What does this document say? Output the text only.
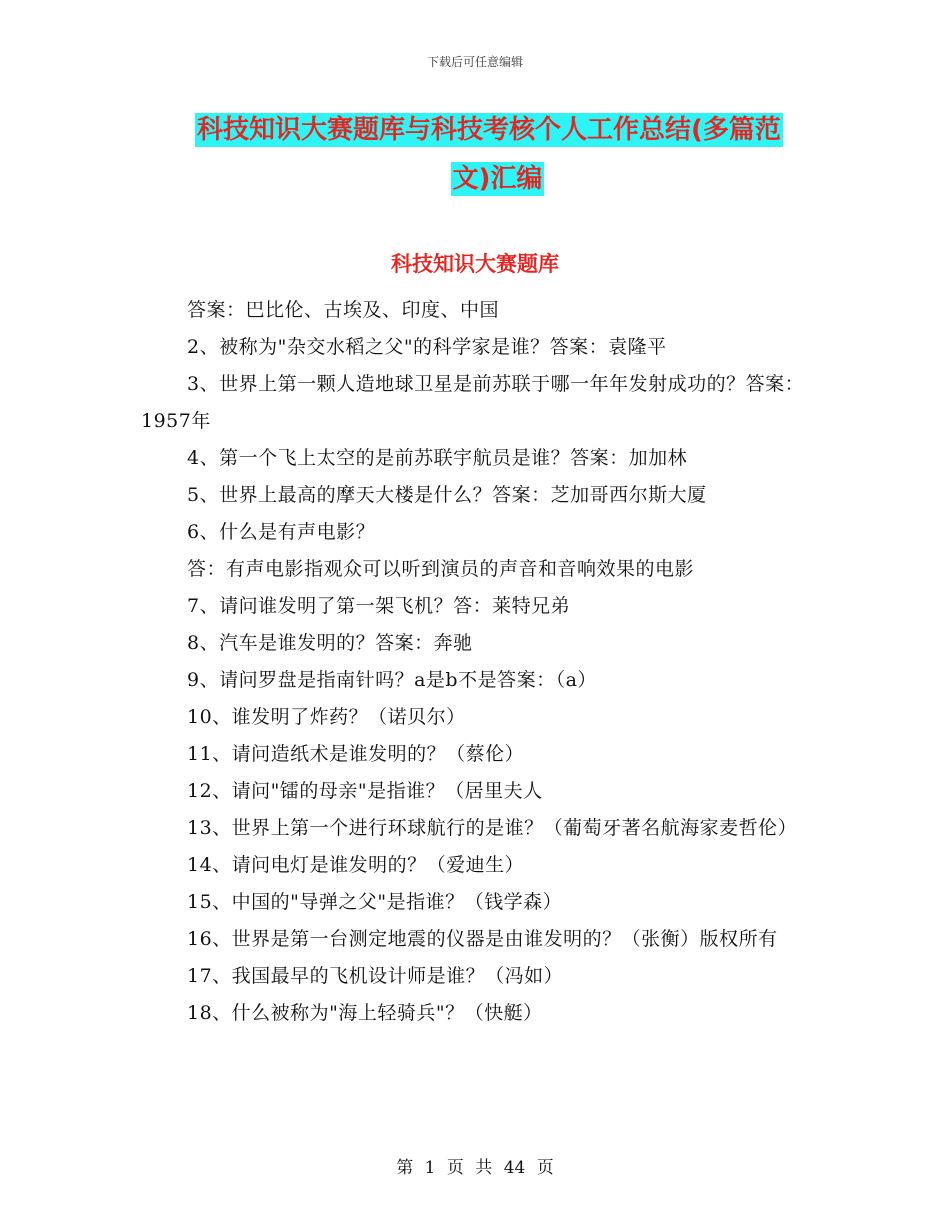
下载后可任意编辑
科技知识大赛题库与科技考核个人工作总结(多篇范
文)汇编
科技知识大赛题库

答案：巴比伦、古埃及、印度、中国

2、被称为"杂交水稻之父"的科学家是谁？答案：袁隆平

3、世界上第一颗人造地球卫星是前苏联于哪一年年发射成功的？答案：1957年

4、第一个飞上太空的是前苏联宇航员是谁？答案：加加林

5、世界上最高的摩天大楼是什么？答案：芝加哥西尔斯大厦

6、什么是有声电影？

答：有声电影指观众可以听到演员的声音和音响效果的电影

7、请问谁发明了第一架飞机？答：莱特兄弟

8、汽车是谁发明的？答案：奔驰

9、请问罗盘是指南针吗？a是b不是答案：（a）

10、谁发明了炸药？（诺贝尔）

11、请问造纸术是谁发明的？（蔡伦）

12、请问"镭的母亲"是指谁？（居里夫人

13、世界上第一个进行环球航行的是谁？（葡萄牙著名航海家麦哲伦）

14、请问电灯是谁发明的？（爱迪生）

15、中国的"导弹之父"是指谁？（钱学森）

16、世界是第一台测定地震的仪器是由谁发明的？（张衡）版权所有

17、我国最早的飞机设计师是谁？（冯如）

18、什么被称为"海上轻骑兵"？（快艇）

第 1 页 共 44 页
